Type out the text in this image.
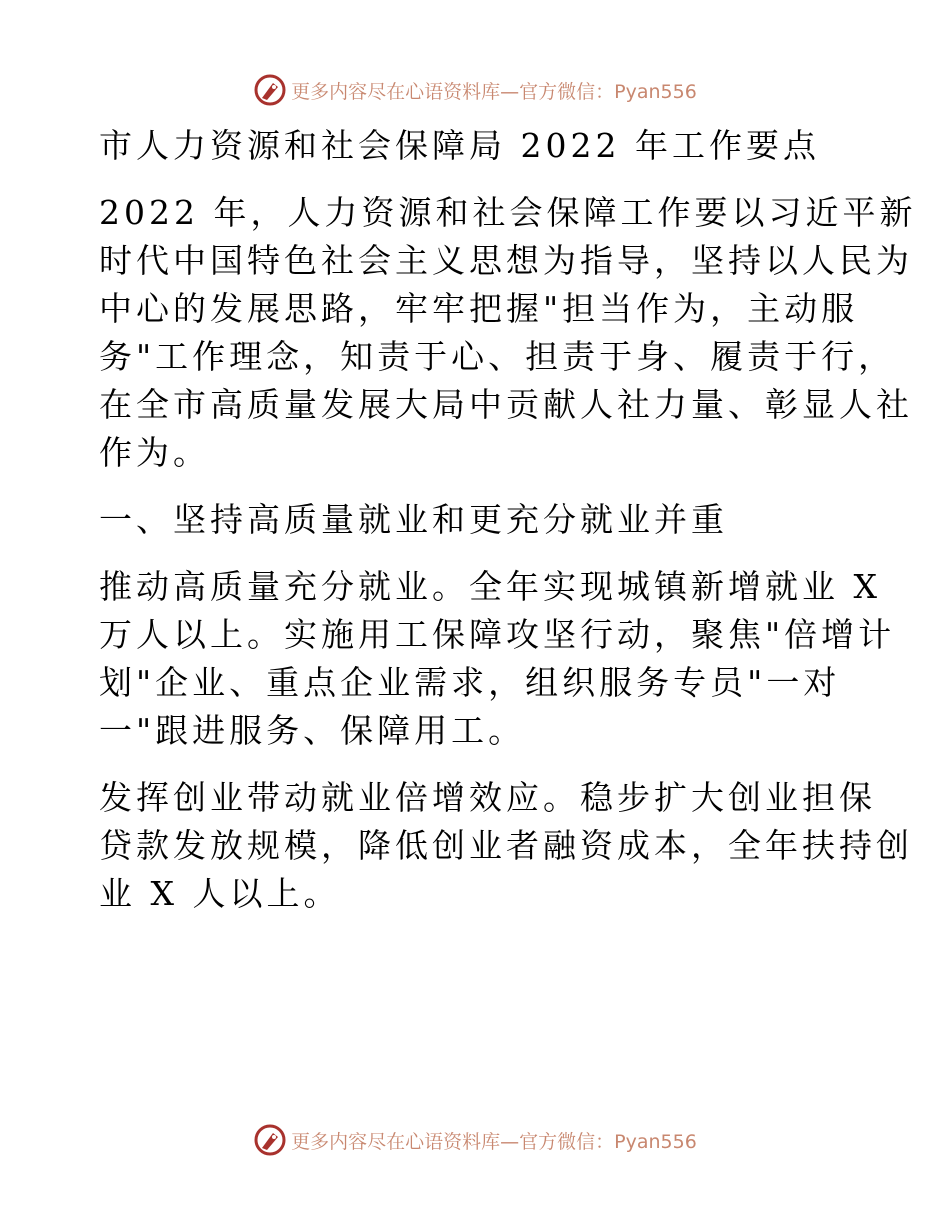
更多内容尽在心语资料库—官方微信：Pyan556
市人力资源和社会保障局 2022 年工作要点
2022 年，人力资源和社会保障工作要以习近平新
时代中国特色社会主义思想为指导，坚持以人民为
中心的发展思路，牢牢把握"担当作为，主动服
务"工作理念，知责于心、担责于身、履责于行，
在全市高质量发展大局中贡献人社力量、彰显人社
作为。
一、坚持高质量就业和更充分就业并重
推动高质量充分就业。全年实现城镇新增就业 X
万人以上。实施用工保障攻坚行动，聚焦"倍增计
划"企业、重点企业需求，组织服务专员"一对
一"跟进服务、保障用工。
发挥创业带动就业倍增效应。稳步扩大创业担保
贷款发放规模，降低创业者融资成本，全年扶持创
业 X 人以上。
更多内容尽在心语资料库—官方微信：Pyan556
